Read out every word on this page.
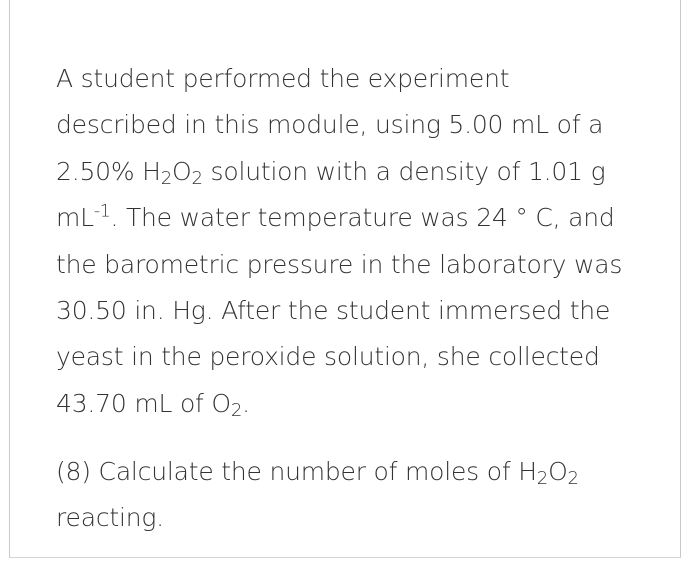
A student performed the experiment
described in this module, using 5.00 mL of a
2.50% $H_2O_2$ solution with a density of 1.01 g
$mL^{-1}$. The water temperature was 24 ° C, and
the barometric pressure in the laboratory was
30.50 in. Hg. After the student immersed the
yeast in the peroxide solution, she collected
43.70 mL of $O_2$.
(8) Calculate the number of moles of $H_2O_2$
reacting.
